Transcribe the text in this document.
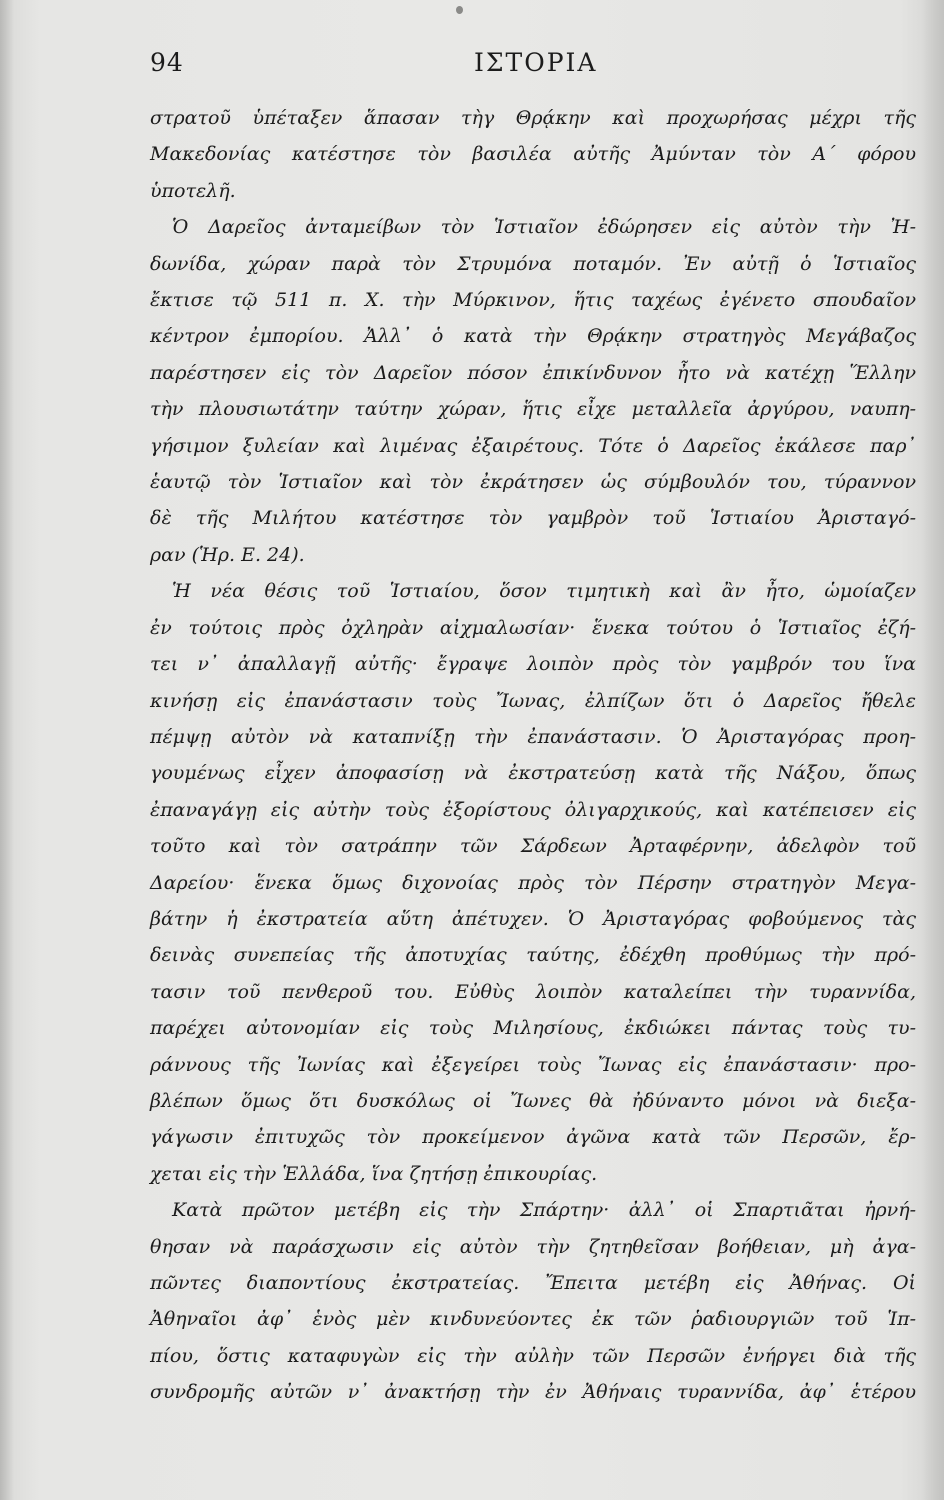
94	ΙΣΤΟΡΙΑ
στρατοῦ ὑπέταξεν ἅπασαν τὴγ Θρᾴκην καὶ προχωρήσας μέχρι τῆς
Μακεδονίας κατέστησε τὸν βασιλέα αὐτῆς Ἀμύνταν τὸν Α΄ φόρου
ὑποτελῆ.
Ὁ Δαρεῖος ἀνταμείβων τὸν Ἱστιαῖον ἐδώρησεν εἰς αὐτὸν τὴν Ἠ-
δωνίδα, χώραν παρὰ τὸν Στρυμόνα ποταμόν. Ἐν αὐτῇ ὁ Ἱστιαῖος
ἔκτισε τῷ 511 π. Χ. τὴν Μύρκινον, ἥτις ταχέως ἐγένετο σπουδαῖον
κέντρον ἐμπορίου. Ἀλλ᾽ ὁ κατὰ τὴν Θρᾴκην στρατηγὸς Μεγάβαζος
παρέστησεν εἰς τὸν Δαρεῖον πόσον ἐπικίνδυνον ἦτο νὰ κατέχῃ Ἕλλην
τὴν πλουσιωτάτην ταύτην χώραν, ἥτις εἶχε μεταλλεῖα ἀργύρου, ναυπη-
γήσιμον ξυλείαν καὶ λιμένας ἐξαιρέτους. Τότε ὁ Δαρεῖος ἐκάλεσε παρ᾽
ἑαυτῷ τὸν Ἱστιαῖον καὶ τὸν ἐκράτησεν ὡς σύμβουλόν του, τύραννον
δὲ τῆς Μιλήτου κατέστησε τὸν γαμβρὸν τοῦ Ἱστιαίου Ἀρισταγό-
ραν (Ἡρ. Ε. 24).
Ἡ νέα θέσις τοῦ Ἱστιαίου, ὅσον τιμητικὴ καὶ ἂν ἦτο, ὡμοίαζεν
ἐν τούτοις πρὸς ὀχληρὰν αἰχμαλωσίαν· ἕνεκα τούτου ὁ Ἱστιαῖος ἐζή-
τει ν᾽ ἀπαλλαγῇ αὐτῆς· ἔγραψε λοιπὸν πρὸς τὸν γαμβρόν του ἵνα
κινήσῃ εἰς ἐπανάστασιν τοὺς Ἴωνας, ἐλπίζων ὅτι ὁ Δαρεῖος ἤθελε
πέμψῃ αὐτὸν νὰ καταπνίξῃ τὴν ἐπανάστασιν. Ὁ Ἀρισταγόρας προη-
γουμένως εἶχεν ἀποφασίσῃ νὰ ἐκστρατεύσῃ κατὰ τῆς Νάξου, ὅπως
ἐπαναγάγῃ εἰς αὐτὴν τοὺς ἐξορίστους ὀλιγαρχικούς, καὶ κατέπεισεν εἰς
τοῦτο καὶ τὸν σατράπην τῶν Σάρδεων Ἀρταφέρνην, ἀδελφὸν τοῦ
Δαρείου· ἕνεκα ὅμως διχονοίας πρὸς τὸν Πέρσην στρατηγὸν Μεγα-
βάτην ἡ ἐκστρατεία αὕτη ἀπέτυχεν. Ὁ Ἀρισταγόρας φοβούμενος τὰς
δεινὰς συνεπείας τῆς ἀποτυχίας ταύτης, ἐδέχθη προθύμως τὴν πρό-
τασιν τοῦ πενθεροῦ του. Εὐθὺς λοιπὸν καταλείπει τὴν τυραννίδα,
παρέχει αὐτονομίαν εἰς τοὺς Μιλησίους, ἐκδιώκει πάντας τοὺς τυ-
ράννους τῆς Ἰωνίας καὶ ἐξεγείρει τοὺς Ἴωνας εἰς ἐπανάστασιν· προ-
βλέπων ὅμως ὅτι δυσκόλως οἱ Ἴωνες θὰ ἠδύναντο μόνοι νὰ διεξα-
γάγωσιν ἐπιτυχῶς τὸν προκείμενον ἀγῶνα κατὰ τῶν Περσῶν, ἔρ-
χεται εἰς τὴν Ἑλλάδα, ἵνα ζητήσῃ ἐπικουρίας.
Κατὰ πρῶτον μετέβη εἰς τὴν Σπάρτην· ἀλλ᾽ οἱ Σπαρτιᾶται ἠρνή-
θησαν νὰ παράσχωσιν εἰς αὐτὸν τὴν ζητηθεῖσαν βοήθειαν, μὴ ἀγα-
πῶντες διαποντίους ἐκστρατείας. Ἔπειτα μετέβη εἰς Ἀθήνας. Οἱ
Ἀθηναῖοι ἀφ᾽ ἑνὸς μὲν κινδυνεύοντες ἐκ τῶν ῥαδιουργιῶν τοῦ Ἱπ-
πίου, ὅστις καταφυγὼν εἰς τὴν αὐλὴν τῶν Περσῶν ἐνήργει διὰ τῆς
συνδρομῆς αὐτῶν ν᾽ ἀνακτήσῃ τὴν ἐν Ἀθήναις τυραννίδα, ἀφ᾽ ἑτέρου
